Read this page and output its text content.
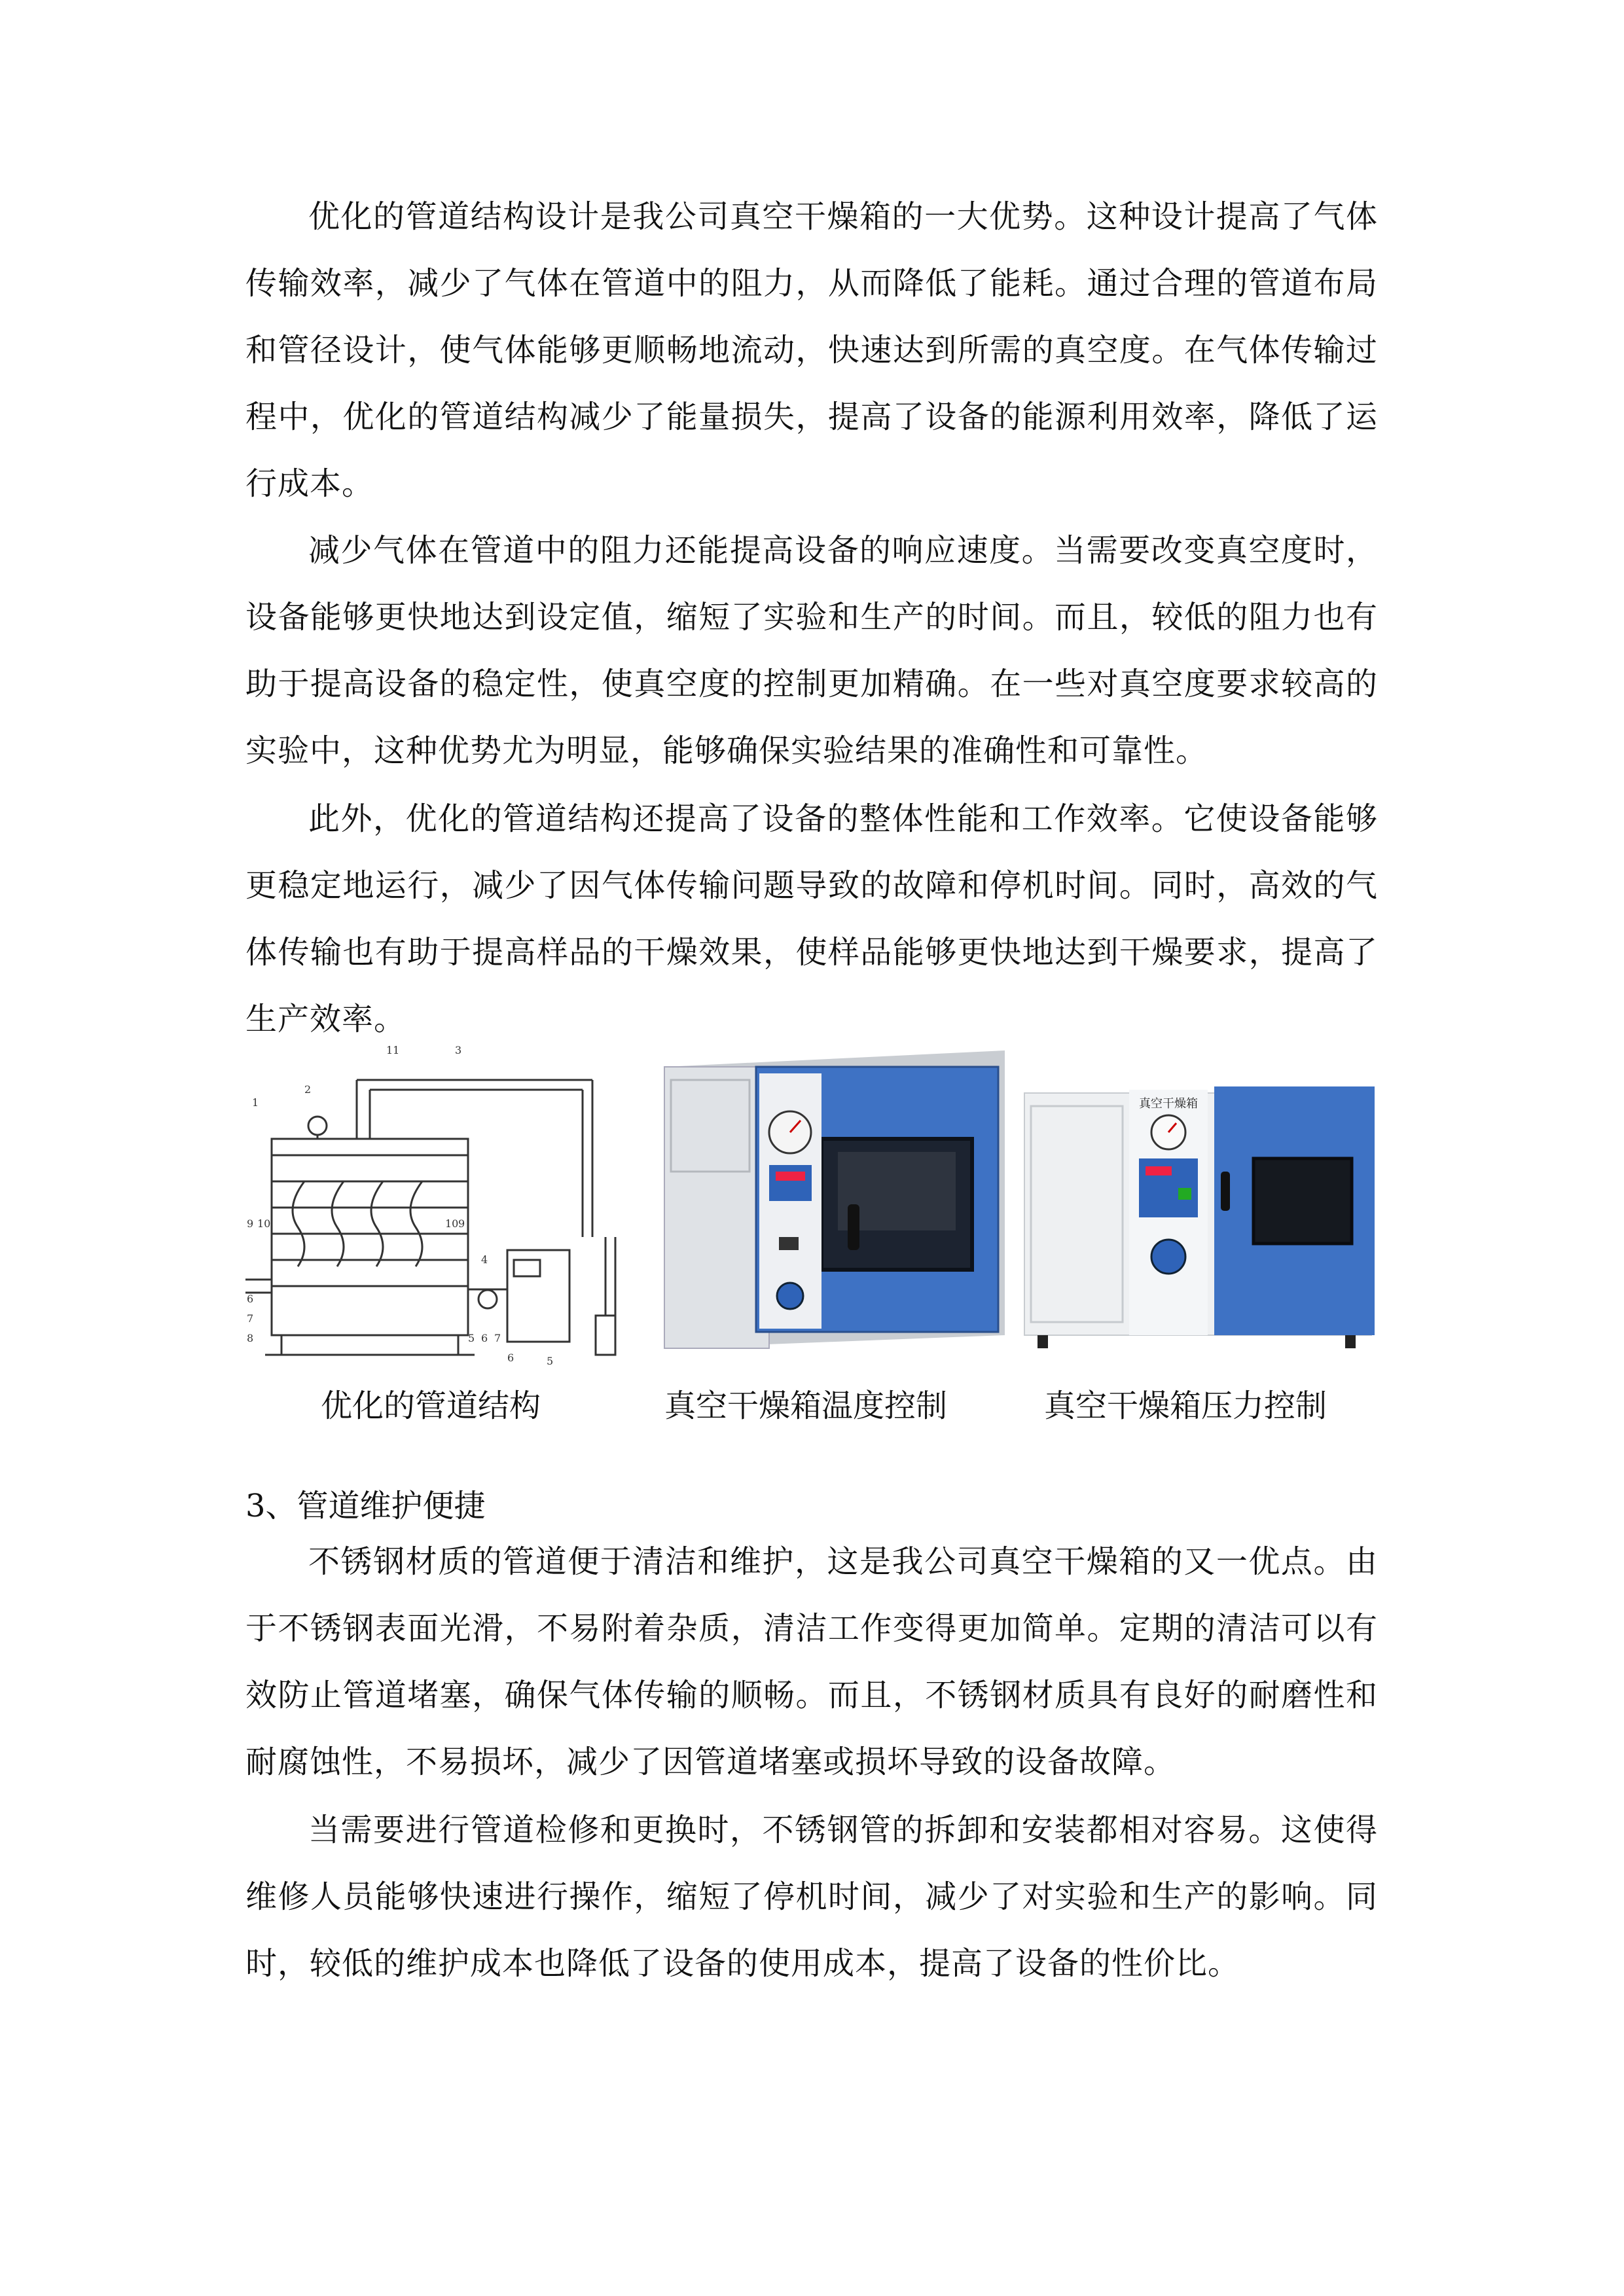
优化的管道结构设计是我公司真空干燥箱的一大优势。这种设计提高了气体传输效率，减少了气体在管道中的阻力，从而降低了能耗。通过合理的管道布局和管径设计，使气体能够更顺畅地流动，快速达到所需的真空度。在气体传输过程中，优化的管道结构减少了能量损失，提高了设备的能源利用效率，降低了运行成本。

减少气体在管道中的阻力还能提高设备的响应速度。当需要改变真空度时，设备能够更快地达到设定值，缩短了实验和生产的时间。而且，较低的阻力也有助于提高设备的稳定性，使真空度的控制更加精确。在一些对真空度要求较高的实验中，这种优势尤为明显，能够确保实验结果的准确性和可靠性。

此外，优化的管道结构还提高了设备的整体性能和工作效率。它使设备能够更稳定地运行，减少了因气体传输问题导致的故障和停机时间。同时，高效的气体传输也有助于提高样品的干燥效果，使样品能够更快地达到干燥要求，提高了生产效率。

1
2
3
11
9 10	10 9
4
5
6
7
8	5 6 7
6
真空干燥箱
优化的管道结构	真空干燥箱温度控制	真空干燥箱压力控制

3、管道维护便捷

不锈钢材质的管道便于清洁和维护，这是我公司真空干燥箱的又一优点。由于不锈钢表面光滑，不易附着杂质，清洁工作变得更加简单。定期的清洁可以有效防止管道堵塞，确保气体传输的顺畅。而且，不锈钢材质具有良好的耐磨性和耐腐蚀性，不易损坏，减少了因管道堵塞或损坏导致的设备故障。

当需要进行管道检修和更换时，不锈钢管的拆卸和安装都相对容易。这使得维修人员能够快速进行操作，缩短了停机时间，减少了对实验和生产的影响。同时，较低的维护成本也降低了设备的使用成本，提高了设备的性价比。
